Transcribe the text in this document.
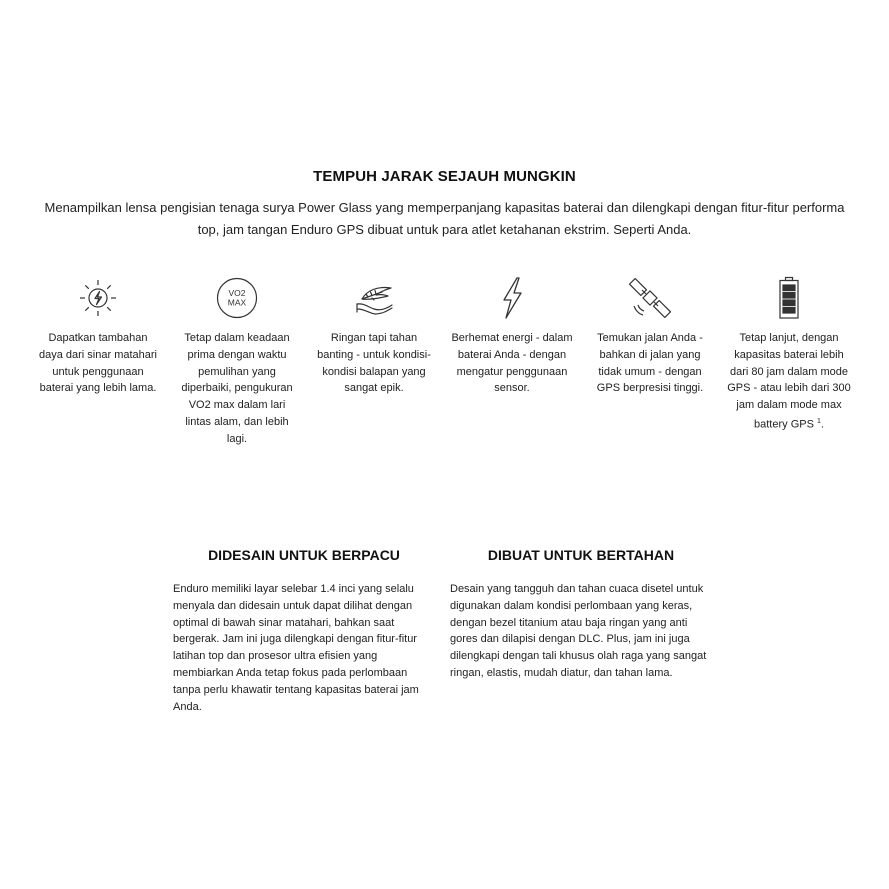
TEMPUH JARAK SEJAUH MUNGKIN

Menampilkan lensa pengisian tenaga surya Power Glass yang memperpanjang kapasitas baterai dan dilengkapi dengan fitur-fitur performa top, jam tangan Enduro GPS dibuat untuk para atlet ketahanan ekstrim. Seperti Anda.

Dapatkan tambahan daya dari sinar matahari untuk penggunaan baterai yang lebih lama.

VO2
MAX

Tetap dalam keadaan prima dengan waktu pemulihan yang diperbaiki, pengukuran VO2 max dalam lari lintas alam, dan lebih lagi.

Ringan tapi tahan banting - untuk kondisi-kondisi balapan yang sangat epik.

Berhemat energi - dalam baterai Anda - dengan mengatur penggunaan sensor.

Temukan jalan Anda - bahkan di jalan yang tidak umum - dengan GPS berpresisi tinggi.

Tetap lanjut, dengan kapasitas baterai lebih dari 80 jam dalam mode GPS - atau lebih dari 300 jam dalam mode max battery GPS $^1$.

DIDESAIN UNTUK BERPACU

Enduro memiliki layar selebar 1.4 inci yang selalu menyala dan didesain untuk dapat dilihat dengan optimal di bawah sinar matahari, bahkan saat bergerak. Jam ini juga dilengkapi dengan fitur-fitur latihan top dan prosesor ultra efisien yang membiarkan Anda tetap fokus pada perlombaan tanpa perlu khawatir tentang kapasitas baterai jam Anda.

DIBUAT UNTUK BERTAHAN

Desain yang tangguh dan tahan cuaca disetel untuk digunakan dalam kondisi perlombaan yang keras, dengan bezel titanium atau baja ringan yang anti gores dan dilapisi dengan DLC. Plus, jam ini juga dilengkapi dengan tali khusus olah raga yang sangat ringan, elastis, mudah diatur, dan tahan lama.
